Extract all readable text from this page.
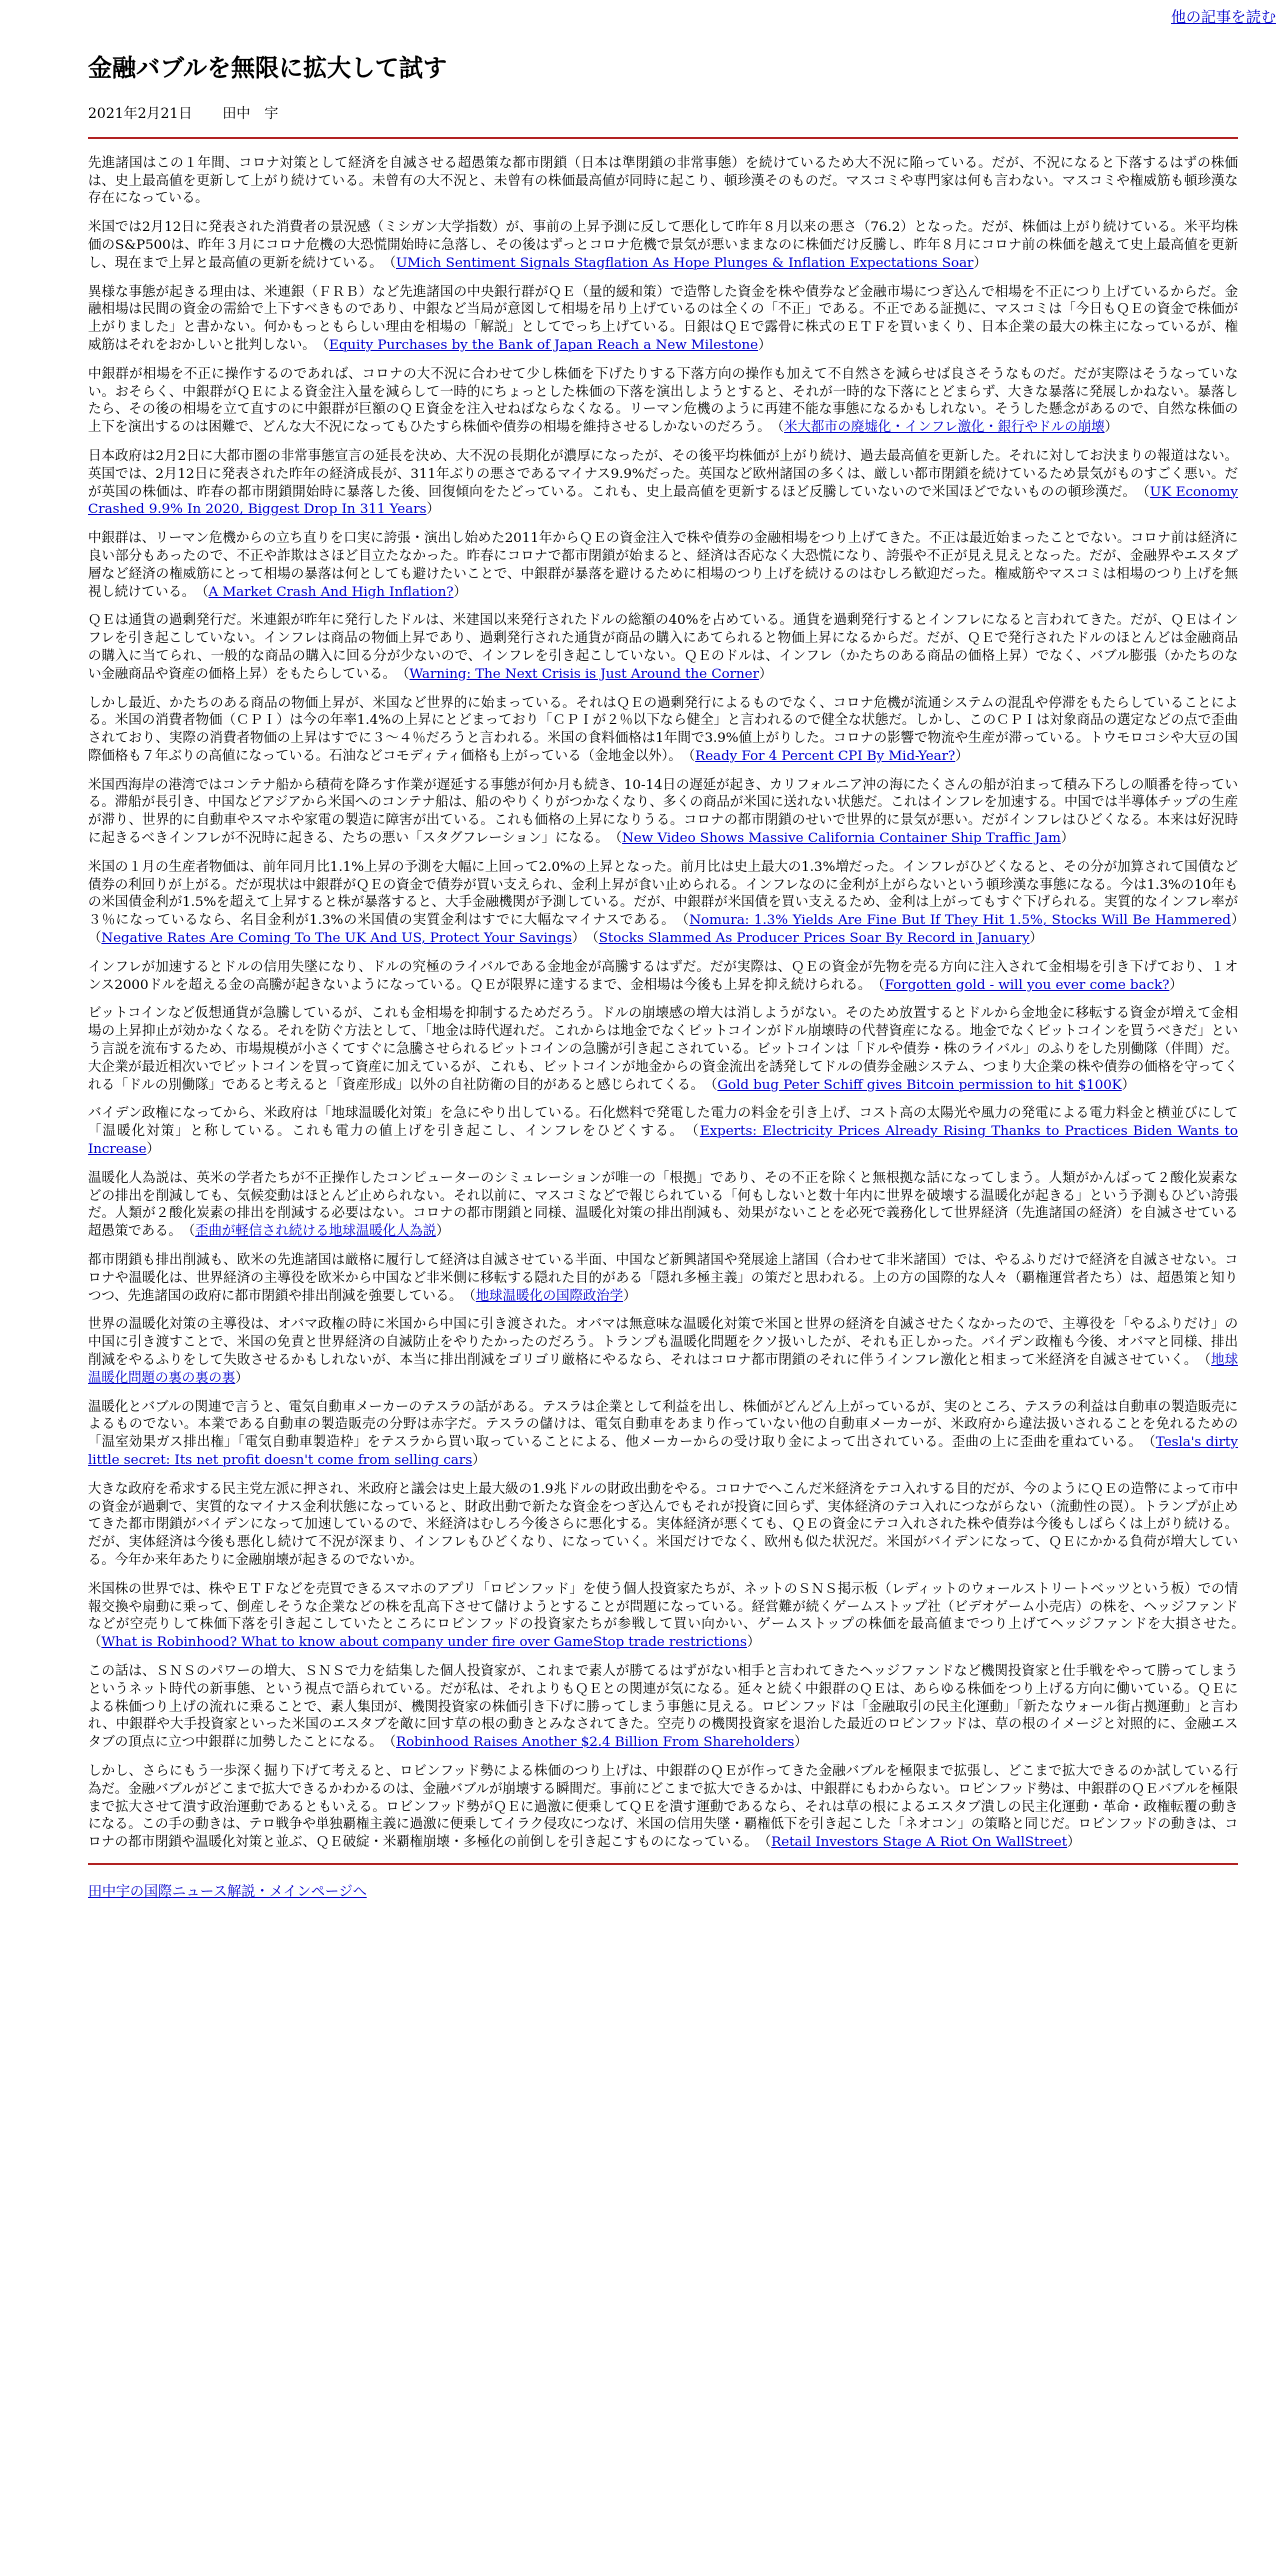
他の記事を読む
金融バブルを無限に拡大して試す
2021年2月21日 田中　宇

先進諸国はこの１年間、コロナ対策として経済を自滅させる超愚策な都市閉鎖（日本は準閉鎖の非常事態）を続けているため大不況に陥っている。だが、不況になると下落するはずの株価は、史上最高値を更新して上がり続けている。未曾有の大不況と、未曾有の株価最高値が同時に起こり、頓珍漢そのものだ。マスコミや専門家は何も言わない。マスコミや権威筋も頓珍漢な存在になっている。

米国では2月12日に発表された消費者の景況感（ミシガン大学指数）が、事前の上昇予測に反して悪化して昨年８月以来の悪さ（76.2）となった。だが、株価は上がり続けている。米平均株価のS&P500は、昨年３月にコロナ危機の大恐慌開始時に急落し、その後はずっとコロナ危機で景気が悪いままなのに株価だけ反騰し、昨年８月にコロナ前の株価を越えて史上最高値を更新し、現在まで上昇と最高値の更新を続けている。　（UMich Sentiment Signals Stagflation As Hope Plunges & Inflation Expectations Soar）

異様な事態が起きる理由は、米連銀（ＦＲＢ）など先進諸国の中央銀行群がＱＥ（量的緩和策）で造幣した資金を株や債券など金融市場につぎ込んで相場を不正につり上げているからだ。金融相場は民間の資金の需給で上下すべきものであり、中銀など当局が意図して相場を吊り上げているのは全くの「不正」である。不正である証拠に、マスコミは「今日もＱＥの資金で株価が上がりました」と書かない。何かもっともらしい理由を相場の「解説」としてでっち上げている。日銀はＱＥで露骨に株式のＥＴＦを買いまくり、日本企業の最大の株主になっているが、権威筋はそれをおかしいと批判しない。　（Equity Purchases by the Bank of Japan Reach a New Milestone）

中銀群が相場を不正に操作するのであれば、コロナの大不況に合わせて少し株価を下げたりする下落方向の操作も加えて不自然さを減らせば良さそうなものだ。だが実際はそうなっていない。おそらく、中銀群がＱＥによる資金注入量を減らして一時的にちょっとした株価の下落を演出しようとすると、それが一時的な下落にとどまらず、大きな暴落に発展しかねない。暴落したら、その後の相場を立て直すのに中銀群が巨額のＱＥ資金を注入せねばならなくなる。リーマン危機のように再建不能な事態になるかもしれない。そうした懸念があるので、自然な株価の上下を演出するのは困難で、どんな大不況になってもひたすら株価や債券の相場を維持させるしかないのだろう。　（米大都市の廃墟化・インフレ激化・銀行やドルの崩壊）

日本政府は2月2日に大都市圏の非常事態宣言の延長を決め、大不況の長期化が濃厚になったが、その後平均株価が上がり続け、過去最高値を更新した。それに対してお決まりの報道はない。英国では、2月12日に発表された昨年の経済成長が、311年ぶりの悪さであるマイナス9.9%だった。英国など欧州諸国の多くは、厳しい都市閉鎖を続けているため景気がものすごく悪い。だが英国の株価は、昨春の都市閉鎖開始時に暴落した後、回復傾向をたどっている。これも、史上最高値を更新するほど反騰していないので米国ほどでないものの頓珍漢だ。　（UK Economy Crashed 9.9% In 2020, Biggest Drop In 311 Years）

中銀群は、リーマン危機からの立ち直りを口実に誇張・演出し始めた2011年からＱＥの資金注入で株や債券の金融相場をつり上げてきた。不正は最近始まったことでない。コロナ前は経済に良い部分もあったので、不正や詐欺はさほど目立たなかった。昨春にコロナで都市閉鎖が始まると、経済は否応なく大恐慌になり、誇張や不正が見え見えとなった。だが、金融界やエスタブ層など経済の権威筋にとって相場の暴落は何としても避けたいことで、中銀群が暴落を避けるために相場のつり上げを続けるのはむしろ歓迎だった。権威筋やマスコミは相場のつり上げを無視し続けている。　（A Market Crash And High Inflation?）

ＱＥは通貨の過剰発行だ。米連銀が昨年に発行したドルは、米建国以来発行されたドルの総額の40%を占めている。通貨を過剰発行するとインフレになると言われてきた。だが、ＱＥはインフレを引き起こしていない。インフレは商品の物価上昇であり、過剰発行された通貨が商品の購入にあてられると物価上昇になるからだ。だが、ＱＥで発行されたドルのほとんどは金融商品の購入に当てられ、一般的な商品の購入に回る分が少ないので、インフレを引き起こしていない。ＱＥのドルは、インフレ（かたちのある商品の価格上昇）でなく、バブル膨張（かたちのない金融商品や資産の価格上昇）をもたらしている。　（Warning: The Next Crisis is Just Around the Corner）

しかし最近、かたちのある商品の物価上昇が、米国など世界的に始まっている。それはＱＥの過剰発行によるものでなく、コロナ危機が流通システムの混乱や停滞をもたらしていることによる。米国の消費者物価（ＣＰＩ）は今の年率1.4%の上昇にとどまっており「ＣＰＩが２％以下なら健全」と言われるので健全な状態だ。しかし、このＣＰＩは対象商品の選定などの点で歪曲されており、実際の消費者物価の上昇はすでに３～４％だろうと言われる。米国の食料価格は1年間で3.9%値上がりした。コロナの影響で物流や生産が滞っている。トウモロコシや大豆の国際価格も７年ぶりの高値になっている。石油などコモディティ価格も上がっている（金地金以外）。　（Ready For 4 Percent CPI By Mid-Year?）

米国西海岸の港湾ではコンテナ船から積荷を降ろす作業が遅延する事態が何か月も続き、10-14日の遅延が起き、カリフォルニア沖の海にたくさんの船が泊まって積み下ろしの順番を待っている。滞船が長引き、中国などアジアから米国へのコンテナ船は、船のやりくりがつかなくなり、多くの商品が米国に送れない状態だ。これはインフレを加速する。中国では半導体チップの生産が滞り、世界的に自動車やスマホや家電の製造に障害が出ている。これも価格の上昇になりうる。コロナの都市閉鎖のせいで世界的に景気が悪い。だがインフレはひどくなる。本来は好況時に起きるべきインフレが不況時に起きる、たちの悪い「スタグフレーション」になる。　（New Video Shows Massive California Container Ship Traffic Jam）

米国の１月の生産者物価は、前年同月比1.1%上昇の予測を大幅に上回って2.0%の上昇となった。前月比は史上最大の1.3%増だった。インフレがひどくなると、その分が加算されて国債など債券の利回りが上がる。だが現状は中銀群がＱＥの資金で債券が買い支えられ、金利上昇が食い止められる。インフレなのに金利が上がらないという頓珍漢な事態になる。今は1.3%の10年もの米国債金利が1.5%を超えて上昇すると株が暴落すると、大手金融機関が予測している。だが、中銀群が米国債を買い支えるため、金利は上がってもすぐ下げられる。実質的なインフレ率が３％になっているなら、名目金利が1.3%の米国債の実質金利はすでに大幅なマイナスである。　（Nomura: 1.3% Yields Are Fine But If They Hit 1.5%, Stocks Will Be Hammered）　（Negative Rates Are Coming To The UK And US, Protect Your Savings）　（Stocks Slammed As Producer Prices Soar By Record in January）

インフレが加速するとドルの信用失墜になり、ドルの究極のライバルである金地金が高騰するはずだ。だが実際は、ＱＥの資金が先物を売る方向に注入されて金相場を引き下げており、１オンス2000ドルを超える金の高騰が起きないようになっている。ＱＥが限界に達するまで、金相場は今後も上昇を抑え続けられる。　（Forgotten gold - will you ever come back?）

ビットコインなど仮想通貨が急騰しているが、これも金相場を抑制するためだろう。ドルの崩壊感の増大は消しようがない。そのため放置するとドルから金地金に移転する資金が増えて金相場の上昇抑止が効かなくなる。それを防ぐ方法として、「地金は時代遅れだ。これからは地金でなくビットコインがドル崩壊時の代替資産になる。地金でなくビットコインを買うべきだ」という言説を流布するため、市場規模が小さくてすぐに急騰させられるビットコインの急騰が引き起こされている。ビットコインは「ドルや債券・株のライバル」のふりをした別働隊（伴間）だ。大企業が最近相次いでビットコインを買って資産に加えているが、これも、ビットコインが地金からの資金流出を誘発してドルの債券金融システム、つまり大企業の株や債券の価格を守ってくれる「ドルの別働隊」であると考えると「資産形成」以外の自社防衛の目的があると感じられてくる。　（Gold bug Peter Schiff gives Bitcoin permission to hit $100K）

バイデン政権になってから、米政府は「地球温暖化対策」を急にやり出している。石化燃料で発電した電力の料金を引き上げ、コスト高の太陽光や風力の発電による電力料金と横並びにして「温暖化対策」と称している。これも電力の値上げを引き起こし、インフレをひどくする。　（Experts: Electricity Prices Already Rising Thanks to Practices Biden Wants to Increase）

温暖化人為説は、英米の学者たちが不正操作したコンピューターのシミュレーションが唯一の「根拠」であり、その不正を除くと無根拠な話になってしまう。人類がかんばって２酸化炭素などの排出を削減しても、気候変動はほとんど止められない。それ以前に、マスコミなどで報じられている「何もしないと数十年内に世界を破壊する温暖化が起きる」という予測もひどい誇張だ。人類が２酸化炭素の排出を削減する必要はない。コロナの都市閉鎖と同様、温暖化対策の排出削減も、効果がないことを必死で義務化して世界経済（先進諸国の経済）を自滅させている超愚策である。　（歪曲が軽信され続ける地球温暖化人為説）

都市閉鎖も排出削減も、欧米の先進諸国は厳格に履行して経済は自滅させている半面、中国など新興諸国や発展途上諸国（合わせて非米諸国）では、やるふりだけで経済を自滅させない。コロナや温暖化は、世界経済の主導役を欧米から中国など非米側に移転する隠れた目的がある「隠れ多極主義」の策だと思われる。上の方の国際的な人々（覇権運営者たち）は、超愚策と知りつつ、先進諸国の政府に都市閉鎖や排出削減を強要している。　（地球温暖化の国際政治学）

世界の温暖化対策の主導役は、オバマ政権の時に米国から中国に引き渡された。オバマは無意味な温暖化対策で米国と世界の経済を自滅させたくなかったので、主導役を「やるふりだけ」の中国に引き渡すことで、米国の免責と世界経済の自滅防止をやりたかったのだろう。トランプも温暖化問題をクソ扱いしたが、それも正しかった。バイデン政権も今後、オバマと同様、排出削減をやるふりをして失敗させるかもしれないが、本当に排出削減をゴリゴリ厳格にやるなら、それはコロナ都市閉鎖のそれに伴うインフレ激化と相まって米経済を自滅させていく。　（地球温暖化問題の裏の裏の裏）

温暖化とバブルの関連で言うと、電気自動車メーカーのテスラの話がある。テスラは企業として利益を出し、株価がどんどん上がっているが、実のところ、テスラの利益は自動車の製造販売によるものでない。本業である自動車の製造販売の分野は赤字だ。テスラの儲けは、電気自動車をあまり作っていない他の自動車メーカーが、米政府から違法扱いされることを免れるための「温室効果ガス排出権」「電気自動車製造枠」をテスラから買い取っていることによる、他メーカーからの受け取り金によって出されている。歪曲の上に歪曲を重ねている。　（Tesla's dirty little secret: Its net profit doesn't come from selling cars）

大きな政府を希求する民主党左派に押され、米政府と議会は史上最大級の1.9兆ドルの財政出動をやる。コロナでへこんだ米経済をテコ入れする目的だが、今のようにＱＥの造幣によって市中の資金が過剰で、実質的なマイナス金利状態になっていると、財政出動で新たな資金をつぎ込んでもそれが投資に回らず、実体経済のテコ入れにつながらない（流動性の罠）。トランプが止めてきた都市閉鎖がバイデンになって加速しているので、米経済はむしろ今後さらに悪化する。実体経済が悪くても、ＱＥの資金にテコ入れされた株や債券は今後もしばらくは上がり続ける。だが、実体経済は今後も悪化し続けて不況が深まり、インフレもひどくなり、になっていく。米国だけでなく、欧州も似た状況だ。米国がバイデンになって、ＱＥにかかる負荷が増大している。今年か来年あたりに金融崩壊が起きるのでないか。

米国株の世界では、株やＥＴＦなどを売買できるスマホのアプリ「ロビンフッド」を使う個人投資家たちが、ネットのＳＮＳ掲示板（レディットのウォールストリートベッツという板）での情報交換や扇動に乗って、倒産しそうな企業などの株を乱高下させて儲けようとすることが問題になっている。経営難が続くゲームストップ社（ビデオゲーム小売店）の株を、ヘッジファンドなどが空売りして株価下落を引き起こしていたところにロビンフッドの投資家たちが参戦して買い向かい、ゲームストップの株価を最高値までつり上げてヘッジファンドを大損させた。　（What is Robinhood? What to know about company under fire over GameStop trade restrictions）

この話は、ＳＮＳのパワーの増大、ＳＮＳで力を結集した個人投資家が、これまで素人が勝てるはずがない相手と言われてきたヘッジファンドなど機関投資家と仕手戦をやって勝ってしまうというネット時代の新事態、という視点で語られている。だが私は、それよりもＱＥとの関連が気になる。延々と続く中銀群のＱＥは、あらゆる株価をつり上げる方向に働いている。ＱＥによる株価つり上げの流れに乗ることで、素人集団が、機関投資家の株価引き下げに勝ってしまう事態に見える。ロビンフッドは「金融取引の民主化運動」「新たなウォール街占拠運動」と言われ、中銀群や大手投資家といった米国のエスタブを敵に回す草の根の動きとみなされてきた。空売りの機関投資家を退治した最近のロビンフッドは、草の根のイメージと対照的に、金融エスタブの頂点に立つ中銀群に加勢したことになる。　（Robinhood Raises Another $2.4 Billion From Shareholders）

しかし、さらにもう一歩深く掘り下げて考えると、ロビンフッド勢による株価のつり上げは、中銀群のＱＥが作ってきた金融バブルを極限まで拡張し、どこまで拡大できるのか試している行為だ。金融バブルがどこまで拡大できるかわかるのは、金融バブルが崩壊する瞬間だ。事前にどこまで拡大できるかは、中銀群にもわからない。ロビンフッド勢は、中銀群のＱＥバブルを極限まで拡大させて潰す政治運動であるともいえる。ロビンフッド勢がＱＥに過激に便乗してＱＥを潰す運動であるなら、それは草の根によるエスタブ潰しの民主化運動・革命・政権転覆の動きになる。この手の動きは、テロ戦争や単独覇権主義に過激に便乗してイラク侵攻につなげ、米国の信用失墜・覇権低下を引き起こした「ネオコン」の策略と同じだ。ロビンフッドの動きは、コロナの都市閉鎖や温暖化対策と並ぶ、ＱＥ破綻・米覇権崩壊・多極化の前倒しを引き起こすものになっている。　（Retail Investors Stage A Riot On WallStreet）

田中宇の国際ニュース解説・メインページへ
